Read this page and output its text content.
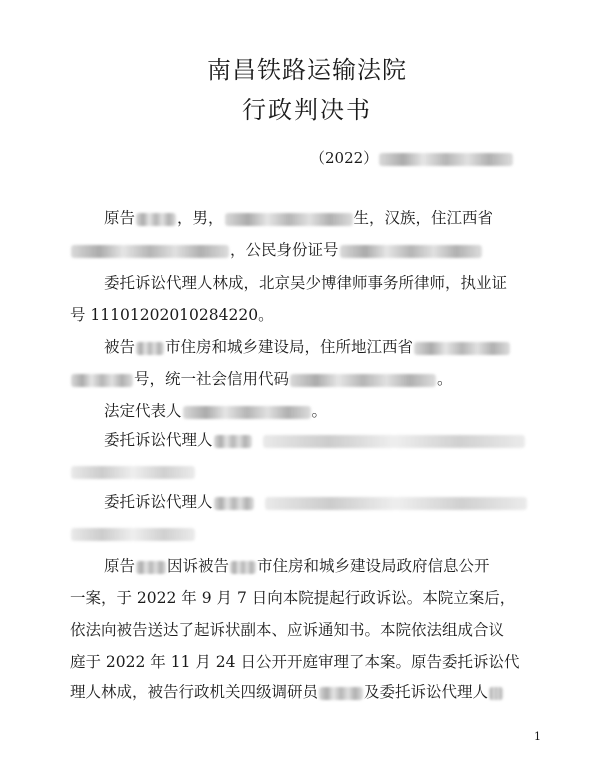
南昌铁路运输法院
行政判决书
（2022）
原告	，男，	生，汉族，住江西省
，公民身份证号
委托诉讼代理人林成，北京吴少博律师事务所律师，执业证
号 11101202010284220。
被告 市住房和城乡建设局，住所地江西省
号，统一社会信用代码	。
法定代表人	。
委托诉讼代理人
委托诉讼代理人
原告 因诉被告 市住房和城乡建设局政府信息公开
一案，于 2022 年 9 月 7 日向本院提起行政诉讼。本院立案后，
依法向被告送达了起诉状副本、应诉通知书。本院依法组成合议
庭于 2022 年 11 月 24 日公开开庭审理了本案。原告委托诉讼代
理人林成，被告行政机关四级调研员	及委托诉讼代理人
1
